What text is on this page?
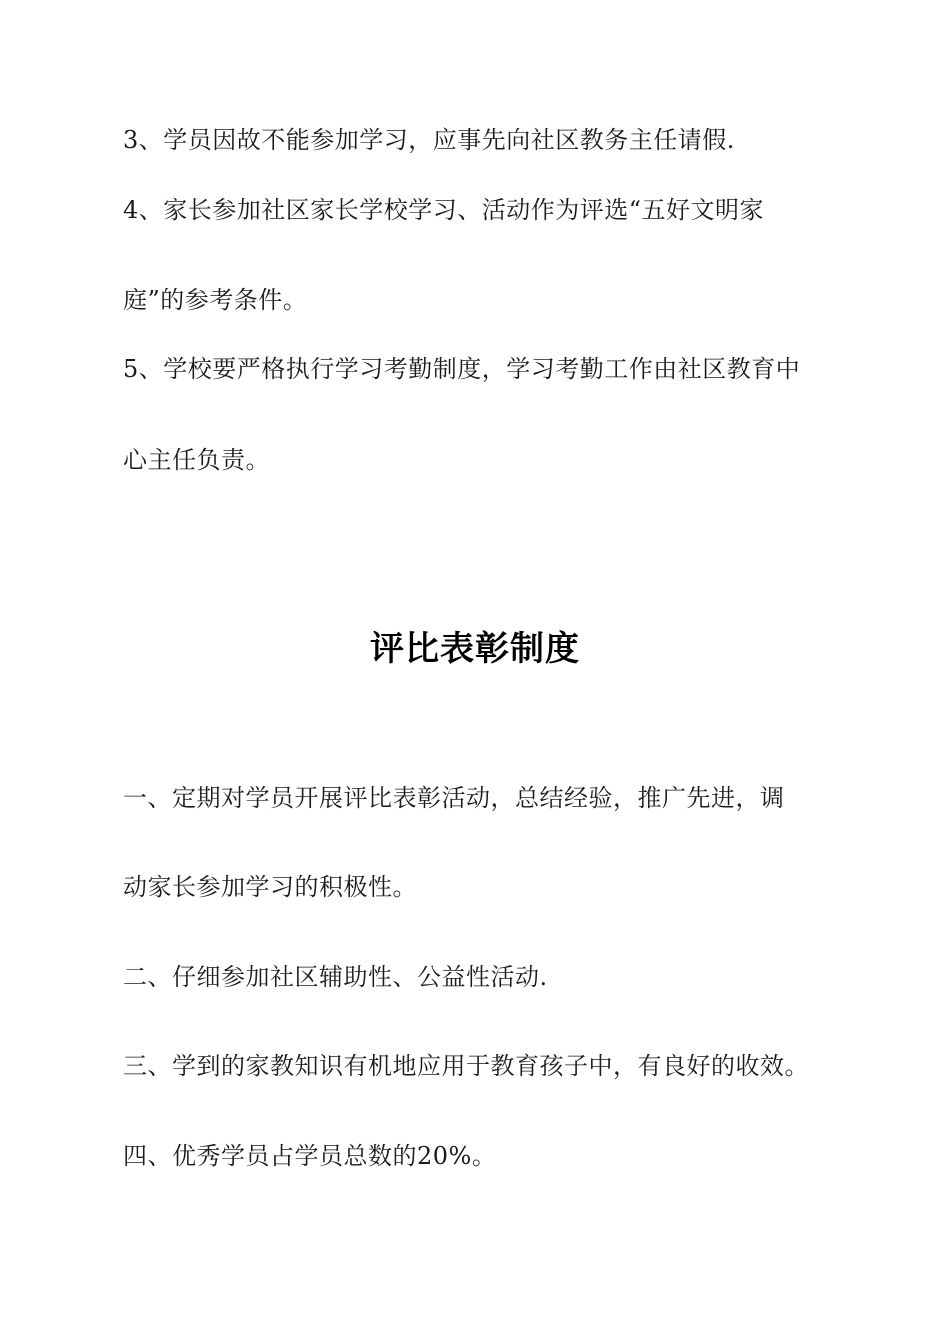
3、学员因故不能参加学习，应事先向社区教务主任请假.
4、家长参加社区家长学校学习、活动作为评选“五好文明家
庭”的参考条件。
5、学校要严格执行学习考勤制度，学习考勤工作由社区教育中
心主任负责。
评比表彰制度
一、定期对学员开展评比表彰活动，总结经验，推广先进，调
动家长参加学习的积极性。
二、仔细参加社区辅助性、公益性活动.
三、学到的家教知识有机地应用于教育孩子中，有良好的收效。
四、优秀学员占学员总数的20%。
